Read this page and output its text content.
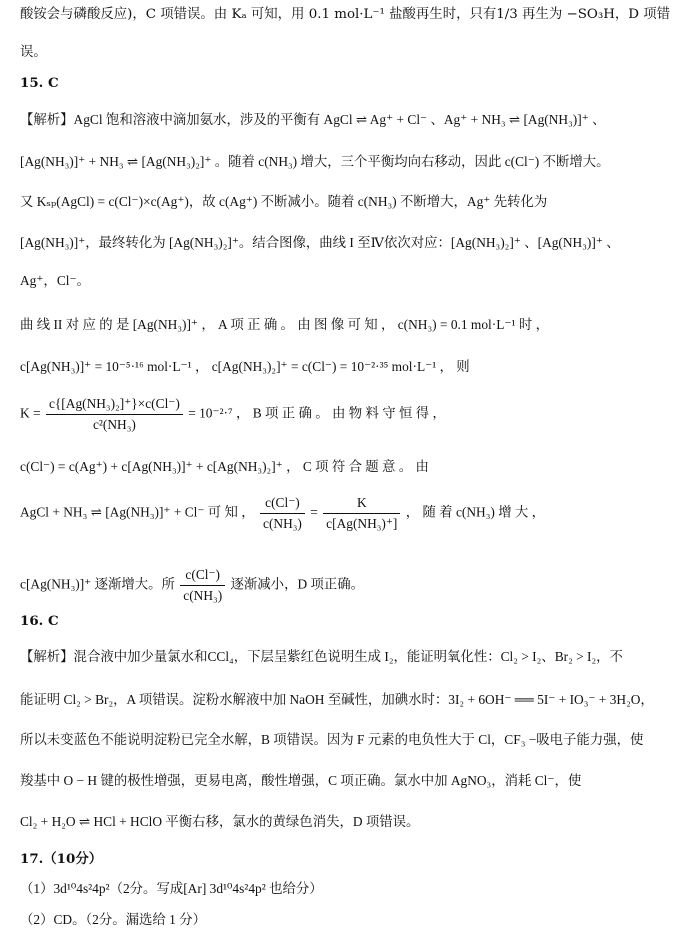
酸铵会与磷酸反应)，C 项错误。由 Kₐ 可知，用 0.1 mol·L⁻¹ 盐酸再生时，只有1/3 再生为 −SO₃H，D 项错
误。
15. C
【解析】AgCl 饱和溶液中滴加氨水，涉及的平衡有 AgCl ⇌ Ag⁺ + Cl⁻ 、Ag⁺ + NH₃ ⇌ [Ag(NH₃)]⁺ 、
[Ag(NH₃)]⁺ + NH₃ ⇌ [Ag(NH₃)₂]⁺ 。随着 c(NH₃) 增大，三个平衡均向右移动，因此 c(Cl⁻) 不断增大。
又 Kₛₚ(AgCl) = c(Cl⁻)×c(Ag⁺)，故 c(Ag⁺) 不断减小。随着 c(NH₃) 不断增大，Ag⁺ 先转化为
[Ag(NH₃)]⁺，最终转化为 [Ag(NH₃)₂]⁺。结合图像，曲线 I 至Ⅳ依次对应：[Ag(NH₃)₂]⁺ 、[Ag(NH₃)]⁺ 、
Ag⁺，Cl⁻。
曲 线 II 对 应 的 是 [Ag(NH₃)]⁺ ， A 项 正 确 。 由 图 像 可 知 ， c(NH₃) = 0.1 mol·L⁻¹ 时 ，
c[Ag(NH₃)]⁺ = 10⁻⁵·¹⁶ mol·L⁻¹ ， c[Ag(NH₃)₂]⁺ = c(Cl⁻) = 10⁻²·³⁵ mol·L⁻¹ ， 则
$K = \frac{\text{c\{[Ag(NH₃)₂]⁺\}×c(Cl⁻)}}{\text{c²(NH₃)}} = 10^{-2}\cdot^7$ ， B 项 正 确 。 由 物 料 守 恒 得 ，
c(Cl⁻) = c(Ag⁺) + c[Ag(NH₃)]⁺ + c[Ag(NH₃)₂]⁺ ， C 项 符 合 题 意 。 由
AgCl + NH₃ ⇌ [Ag(NH₃)]⁺ + Cl⁻ 可 知 ， $\frac{c(Cl^-)}{\text{c(NH₃)}} = \frac{K}{\text{c[Ag(NH₃)⁺]}}$ ， 随 着 c(NH₃) 增 大 ，
c[Ag(NH₃)]⁺ 逐渐增大。所 $\frac{c(Cl^-)}{\text{c(NH₃)}}$ 逐渐减小，D 项正确。
16. C
【解析】混合液中加少量氯水和CCl₄，下层呈紫红色说明生成 I₂，能证明氧化性：Cl₂ > I₂、Br₂ > I₂，不
能证明 Cl₂ > Br₂，A 项错误。淀粉水解液中加 NaOH 至碱性，加碘水时：3I₂ + 6OH⁻ ══ 5I⁻ + IO₃⁻ + 3H₂O，
所以未变蓝色不能说明淀粉已完全水解，B 项错误。因为 F 元素的电负性大于 Cl，CF₃ −吸电子能力强，使
羧基中 O − H 键的极性增强，更易电离，酸性增强，C 项正确。氯水中加 AgNO₃，消耗 Cl⁻，使
Cl₂ + H₂O ⇌ HCl + HClO 平衡右移，氯水的黄绿色消失，D 项错误。
17.（10分）
（1）3d¹⁰4s²4p²（2分。写成[Ar] 3d¹⁰4s²4p² 也给分）
（2）CD。（2分。漏选给 1 分）
